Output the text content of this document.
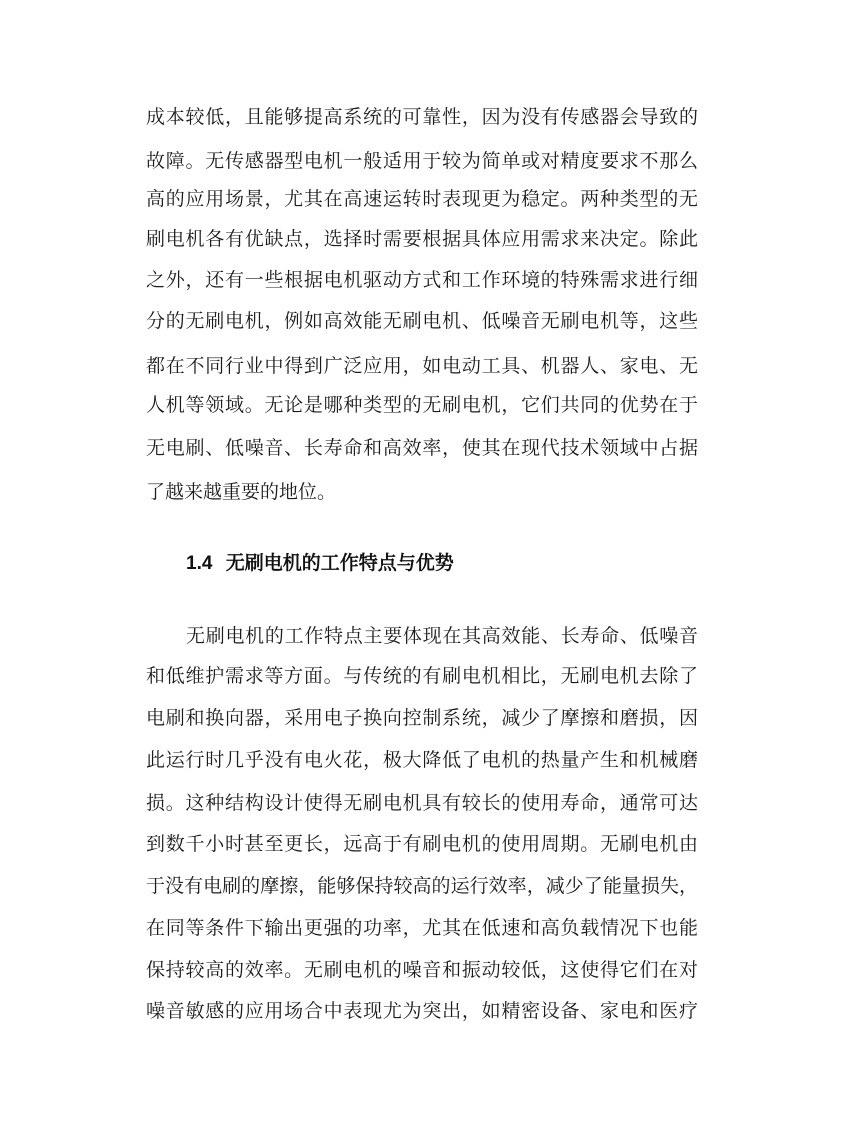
成本较低，且能够提高系统的可靠性，因为没有传感器会导致的
故障。无传感器型电机一般适用于较为简单或对精度要求不那么
高的应用场景，尤其在高速运转时表现更为稳定。两种类型的无
刷电机各有优缺点，选择时需要根据具体应用需求来决定。除此
之外，还有一些根据电机驱动方式和工作环境的特殊需求进行细
分的无刷电机，例如高效能无刷电机、低噪音无刷电机等，这些
都在不同行业中得到广泛应用，如电动工具、机器人、家电、无
人机等领域。无论是哪种类型的无刷电机，它们共同的优势在于
无电刷、低噪音、长寿命和高效率，使其在现代技术领域中占据
了越来越重要的地位。
1.4 无刷电机的工作特点与优势
无刷电机的工作特点主要体现在其高效能、长寿命、低噪音
和低维护需求等方面。与传统的有刷电机相比，无刷电机去除了
电刷和换向器，采用电子换向控制系统，减少了摩擦和磨损，因
此运行时几乎没有电火花，极大降低了电机的热量产生和机械磨
损。这种结构设计使得无刷电机具有较长的使用寿命，通常可达
到数千小时甚至更长，远高于有刷电机的使用周期。无刷电机由
于没有电刷的摩擦，能够保持较高的运行效率，减少了能量损失，
在同等条件下输出更强的功率，尤其在低速和高负载情况下也能
保持较高的效率。无刷电机的噪音和振动较低，这使得它们在对
噪音敏感的应用场合中表现尤为突出，如精密设备、家电和医疗
